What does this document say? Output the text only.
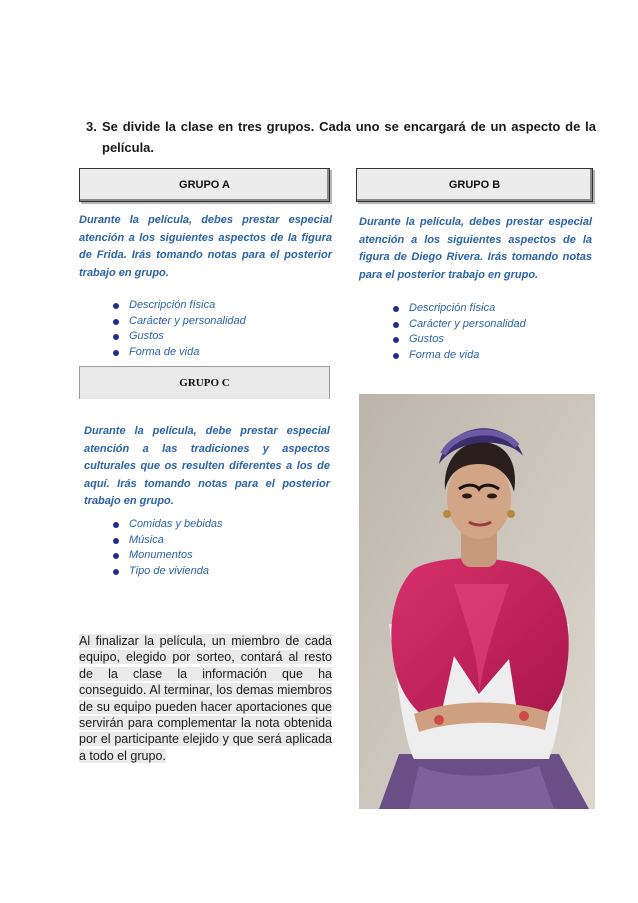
3. Se divide la clase en tres grupos. Cada uno se encargará de un aspecto de la película.
GRUPO A	GRUPO B
Durante la película, debes prestar especial atención a los siguientes aspectos de la figura de Frida. Irás tomando notas para el posterior trabajo en grupo.
Durante la película, debes prestar especial atención a los siguientes aspectos de la figura de Diego Rivera. Irás tomando notas para el posterior trabajo en grupo.
Descripción física
Carácter y personalidad
Gustos
Forma de vida
Descripción física
Carácter y personalidad
Gustos
Forma de vida
GRUPO C
Durante la película, debe prestar especial atención a las tradiciones y aspectos culturales que os resulten diferentes a los de aquí. Irás tomando notas para el posterior trabajo en grupo.
Comidas y bebidas
Música
Monumentos
Tipo de vivienda
Al finalizar la película, un miembro de cada equipo, elegido por sorteo, contará al resto de la clase la información que ha conseguido. Al terminar, los demas miembros de su equipo pueden hacer aportaciones que servirán para complementar la nota obtenida por el participante elejido y que será aplicada a todo el grupo.
